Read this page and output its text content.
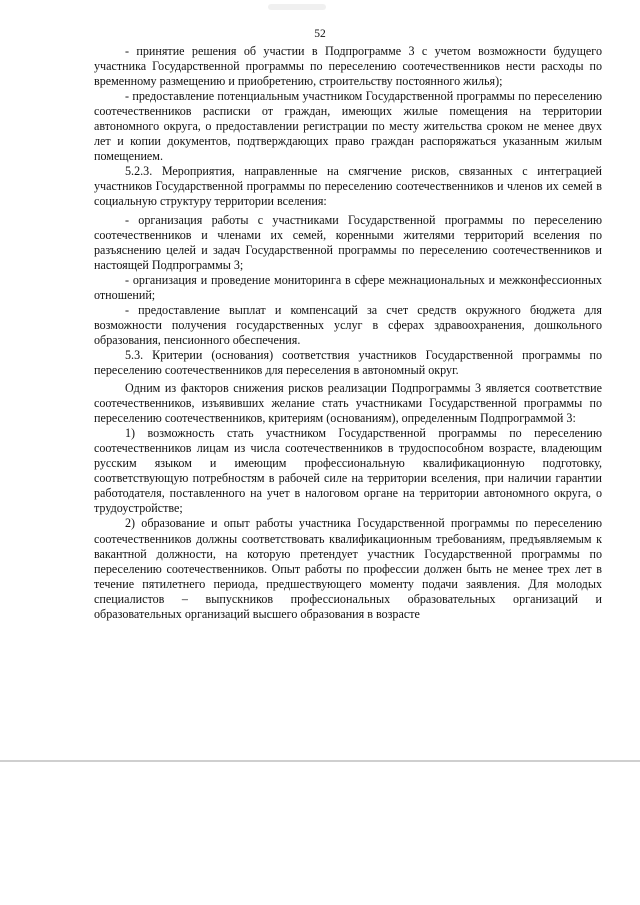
52

- принятие решения об участии в Подпрограмме 3 с учетом возможности будущего участника Государственной программы по переселению соотечественников нести расходы по временному размещению и приобретению, строительству постоянного жилья);

- предоставление потенциальным участником Государственной программы по переселению соотечественников расписки от граждан, имеющих жилые помещения на территории автономного округа, о предоставлении регистрации по месту жительства сроком не менее двух лет и копии документов, подтверждающих право граждан распоряжаться указанным жилым помещением.

5.2.3. Мероприятия, направленные на смягчение рисков, связанных с интеграцией участников Государственной программы по переселению соотечественников и членов их семей в социальную структуру территории вселения:

- организация работы с участниками Государственной программы по переселению соотечественников и членами их семей, коренными жителями территорий вселения по разъяснению целей и задач Государственной программы по переселению соотечественников и настоящей Подпрограммы 3;

- организация и проведение мониторинга в сфере межнациональных и межконфессионных отношений;

- предоставление выплат и компенсаций за счет средств окружного бюджета для возможности получения государственных услуг в сферах здравоохранения, дошкольного образования, пенсионного обеспечения.

5.3. Критерии (основания) соответствия участников Государственной программы по переселению соотечественников для переселения в автономный округ.

Одним из факторов снижения рисков реализации Подпрограммы 3 является соответствие соотечественников, изъявивших желание стать участниками Государственной программы по переселению соотечественников, критериям (основаниям), определенным Подпрограммой 3:

1) возможность стать участником Государственной программы по переселению соотечественников лицам из числа соотечественников в трудоспособном возрасте, владеющим русским языком и имеющим профессиональную квалификационную подготовку, соответствующую потребностям в рабочей силе на территории вселения, при наличии гарантии работодателя, поставленного на учет в налоговом органе на территории автономного округа, о трудоустройстве;

2) образование и опыт работы участника Государственной программы по переселению соотечественников должны соответствовать квалификационным требованиям, предъявляемым к вакантной должности, на которую претендует участник Государственной программы по переселению соотечественников. Опыт работы по профессии должен быть не менее трех лет в течение пятилетнего периода, предшествующего моменту подачи заявления. Для молодых специалистов – выпускников профессиональных образовательных организаций и образовательных организаций высшего образования в возрасте
